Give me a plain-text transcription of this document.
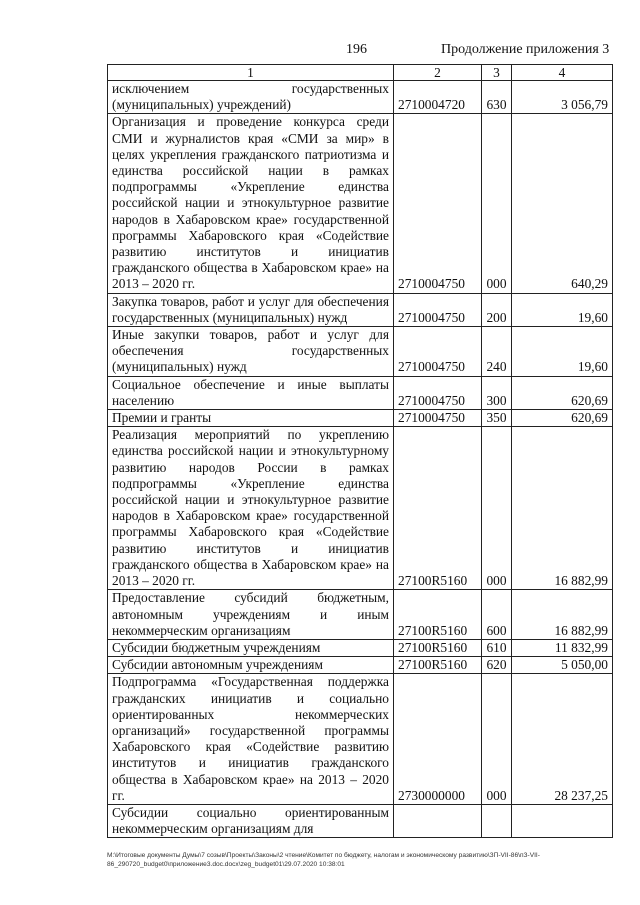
196	Продолжение приложения 3
1	2	3	4
исключением государственных (муниципальных) учреждений)	2710004720	630	3 056,79
Организация и проведение конкурса среди СМИ и журналистов края «СМИ за мир» в целях укрепления гражданского патриотизма и единства российской нации в рамках подпрограммы «Укрепление единства российской нации и этнокультурное развитие народов в Хабаровском крае» государственной программы Хабаровского края «Содействие развитию институтов и инициатив гражданского общества в Хабаровском крае» на 2013 – 2020 гг.	2710004750	000	640,29
Закупка товаров, работ и услуг для обеспечения государственных (муниципальных) нужд	2710004750	200	19,60
Иные закупки товаров, работ и услуг для обеспечения государственных (муниципальных) нужд	2710004750	240	19,60
Социальное обеспечение и иные выплаты населению	2710004750	300	620,69
Премии и гранты	2710004750	350	620,69
Реализация мероприятий по укреплению единства российской нации и этнокультурному развитию народов России в рамках подпрограммы «Укрепление единства российской нации и этнокультурное развитие народов в Хабаровском крае» государственной программы Хабаровского края «Содействие развитию институтов и инициатив гражданского общества в Хабаровском крае» на 2013 – 2020 гг.	27100R5160	000	16 882,99
Предоставление субсидий бюджетным, автономным учреждениям и иным некоммерческим организациям	27100R5160	600	16 882,99
Субсидии бюджетным учреждениям	27100R5160	610	11 832,99
Субсидии автономным учреждениям	27100R5160	620	5 050,00
Подпрограмма «Государственная поддержка гражданских инициатив и социально ориентированных некоммерческих организаций» государственной программы Хабаровского края «Содействие развитию институтов и инициатив гражданского общества в Хабаровском крае» на 2013 – 2020 гг.	2730000000	000	28 237,25
Субсидии социально ориентированным некоммерческим организациям для			
М:\Итоговые документы Думы\7 созыв\Проекты\Законы\2 чтение\Комитет по бюджету, налогам и экономическому развитию\ЗП-VII-86\пЗ-VII-86_290720_budget0\приложение3.doc.docx\zeg_budget01\29.07.2020 10:38:01
